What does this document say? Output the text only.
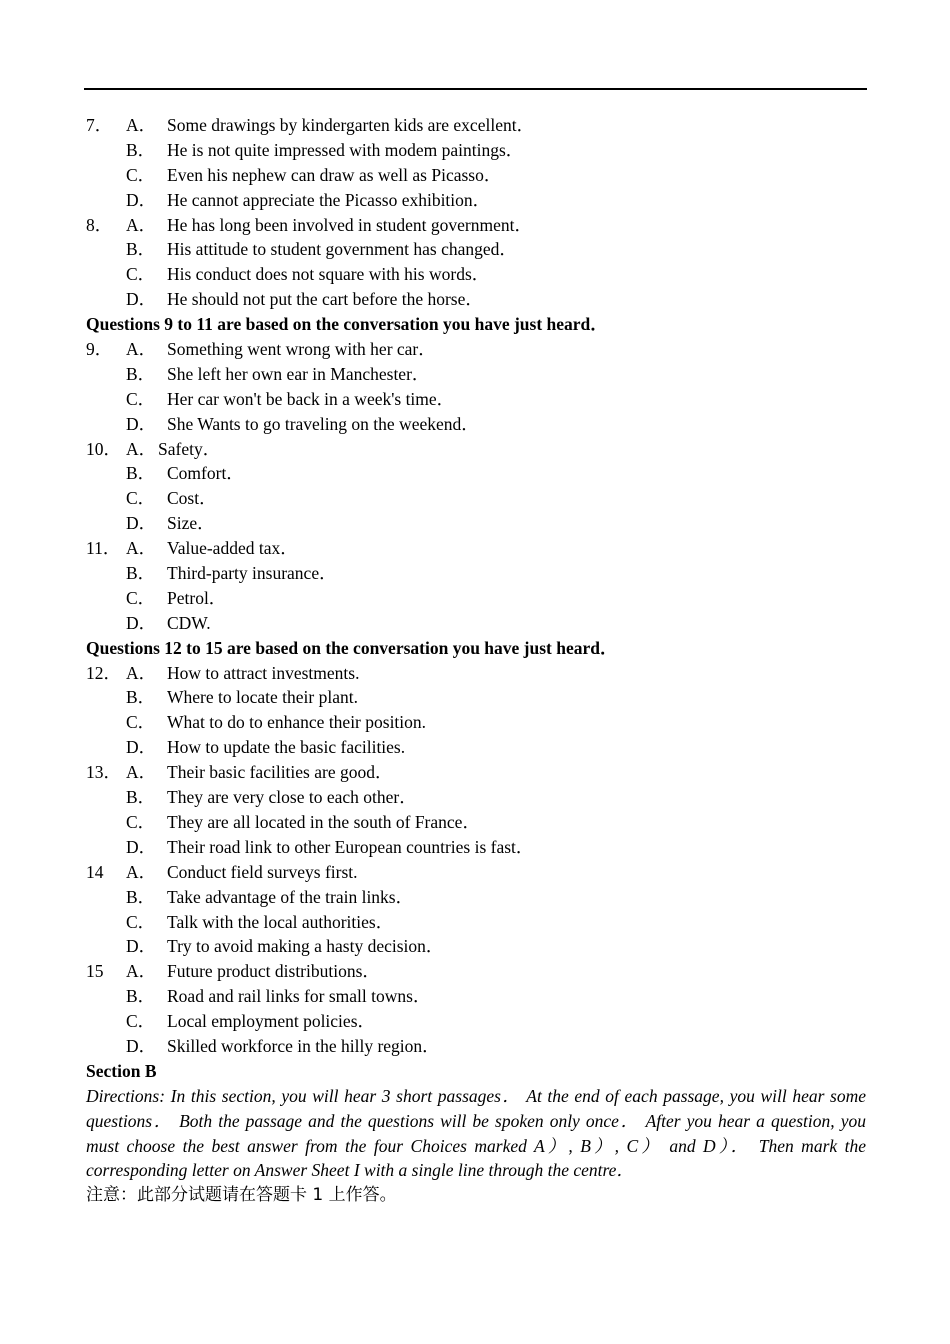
7． A． Some drawings by kindergarten kids are excellent．
B． He is not quite impressed with modem paintings．
C． Even his nephew can draw as well as Picasso．
D． He cannot appreciate the Picasso exhibition．
8． A． He has long been involved in student government．
B． His attitude to student government has changed．
C． His conduct does not square with his words．
D． He should not put the cart before the horse．
Questions 9 to 11 are based on the conversation you have just heard．
9． A． Something went wrong with her car．
B． She left her own ear in Manchester．
C． Her car won't be back in a week's time．
D． She Wants to go traveling on the weekend．
10． A． Safety．
B． Comfort．
C． Cost．
D． Size．
11． A． Value-added tax．
B． Third-party insurance．
C． Petrol．
D． CDW.
Questions 12 to 15 are based on the conversation you have just heard．
12． A． How to attract investments.
B． Where to locate their plant.
C． What to do to enhance their position.
D． How to update the basic facilities.
13． A． Their basic facilities are good．
B． They are very close to each other．
C． They are all located in the south of France．
D． Their road link to other European countries is fast．
14 A． Conduct field surveys first.
B． Take advantage of the train links．
C． Talk with the local authorities．
D． Try to avoid making a hasty decision．
15 A． Future product distributions．
B． Road and rail links for small towns．
C． Local employment policies．
D． Skilled workforce in the hilly region．
Section B
Directions: In this section, you will hear 3 short passages． At the end of each passage, you will hear some questions． Both the passage and the questions will be spoken only once． After you hear a question, you must choose the best answer from the four Choices marked A）, B）, C） and D）． Then mark the corresponding letter on Answer Sheet I with a single line through the centre．
注意：此部分试题请在答题卡 1 上作答。
